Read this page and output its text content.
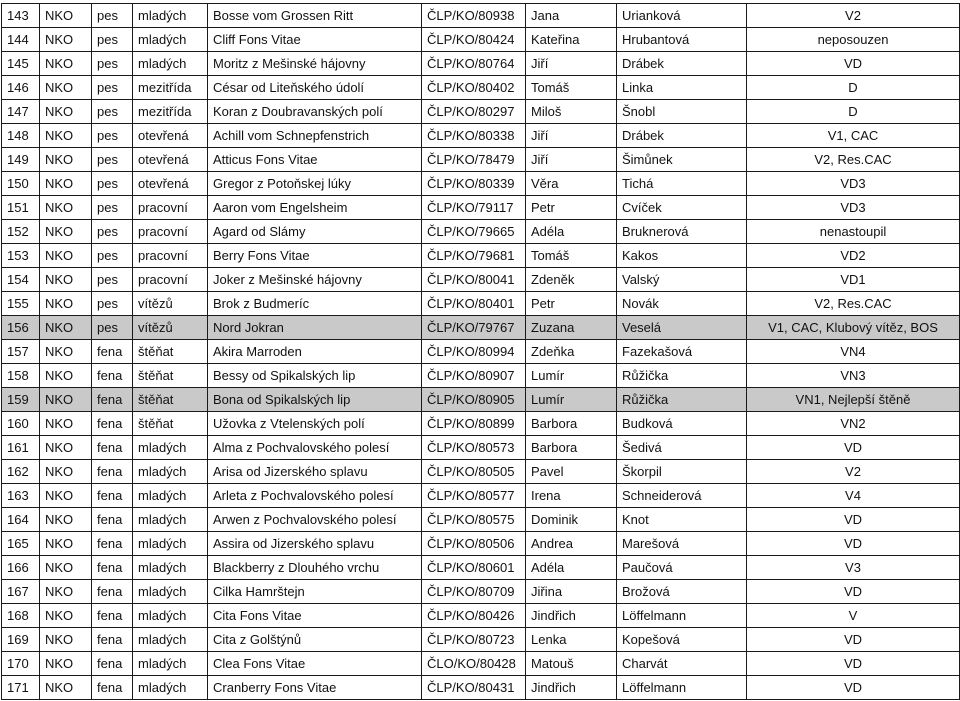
143	NKO	pes	mladých	Bosse vom Grossen Ritt	ČLP/KO/80938	Jana	Urianková	V2
144	NKO	pes	mladých	Cliff Fons Vitae	ČLP/KO/80424	Kateřina	Hrubantová	neposouzen
145	NKO	pes	mladých	Moritz z Mešinské hájovny	ČLP/KO/80764	Jiří	Drábek	VD
146	NKO	pes	mezitřída	César od Liteňského údolí	ČLP/KO/80402	Tomáš	Linka	D
147	NKO	pes	mezitřída	Koran z Doubravanských polí	ČLP/KO/80297	Miloš	Šnobl	D
148	NKO	pes	otevřená	Achill vom Schnepfenstrich	ČLP/KO/80338	Jiří	Drábek	V1, CAC
149	NKO	pes	otevřená	Atticus Fons Vitae	ČLP/KO/78479	Jiří	Šimůnek	V2, Res.CAC
150	NKO	pes	otevřená	Gregor z Potoňskej lúky	ČLP/KO/80339	Věra	Tichá	VD3
151	NKO	pes	pracovní	Aaron vom Engelsheim	ČLP/KO/79117	Petr	Cvíček	VD3
152	NKO	pes	pracovní	Agard od Slámy	ČLP/KO/79665	Adéla	Bruknerová	nenastoupil
153	NKO	pes	pracovní	Berry Fons Vitae	ČLP/KO/79681	Tomáš	Kakos	VD2
154	NKO	pes	pracovní	Joker z Mešinské hájovny	ČLP/KO/80041	Zdeněk	Valský	VD1
155	NKO	pes	vítězů	Brok z Budmeríc	ČLP/KO/80401	Petr	Novák	V2, Res.CAC
156	NKO	pes	vítězů	Nord Jokran	ČLP/KO/79767	Zuzana	Veselá	V1, CAC, Klubový vítěz, BOS
157	NKO	fena	štěňat	Akira Marroden	ČLP/KO/80994	Zdeňka	Fazekašová	VN4
158	NKO	fena	štěňat	Bessy od Spikalských lip	ČLP/KO/80907	Lumír	Růžička	VN3
159	NKO	fena	štěňat	Bona od Spikalských lip	ČLP/KO/80905	Lumír	Růžička	VN1, Nejlepší štěně
160	NKO	fena	štěňat	Užovka z Vtelenských polí	ČLP/KO/80899	Barbora	Budková	VN2
161	NKO	fena	mladých	Alma z Pochvalovského polesí	ČLP/KO/80573	Barbora	Šedivá	VD
162	NKO	fena	mladých	Arisa od Jizerského splavu	ČLP/KO/80505	Pavel	Škorpil	V2
163	NKO	fena	mladých	Arleta z Pochvalovského polesí	ČLP/KO/80577	Irena	Schneiderová	V4
164	NKO	fena	mladých	Arwen z Pochvalovského polesí	ČLP/KO/80575	Dominik	Knot	VD
165	NKO	fena	mladých	Assira od Jizerského splavu	ČLP/KO/80506	Andrea	Marešová	VD
166	NKO	fena	mladých	Blackberry z Dlouhého vrchu	ČLP/KO/80601	Adéla	Paučová	V3
167	NKO	fena	mladých	Cilka Hamrštejn	ČLP/KO/80709	Jiřina	Brožová	VD
168	NKO	fena	mladých	Cita Fons Vitae	ČLP/KO/80426	Jindřich	Löffelmann	V
169	NKO	fena	mladých	Cita z Golštýnů	ČLP/KO/80723	Lenka	Kopešová	VD
170	NKO	fena	mladých	Clea Fons Vitae	ČLO/KO/80428	Matouš	Charvát	VD
171	NKO	fena	mladých	Cranberry Fons Vitae	ČLP/KO/80431	Jindřich	Löffelmann	VD
